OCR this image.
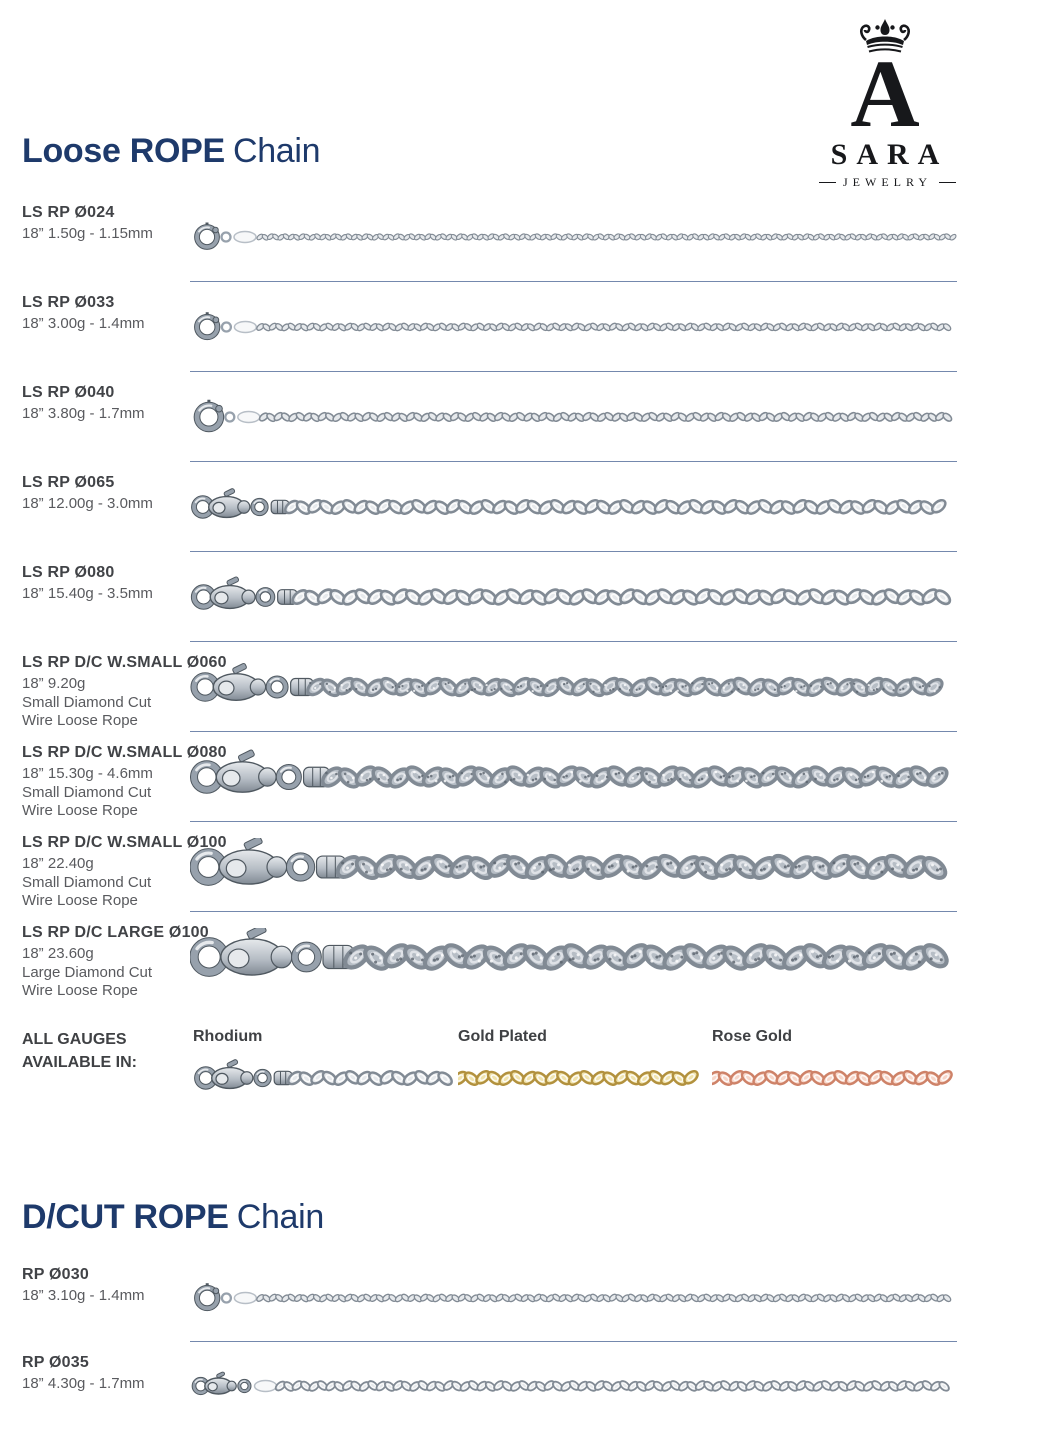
A
SARA
JEWELRY
Loose ROPE Chain
LS RP Ø024
18” 1.50g - 1.15mm
LS RP Ø033
18” 3.00g - 1.4mm
LS RP Ø040
18” 3.80g - 1.7mm
LS RP Ø065
18” 12.00g - 3.0mm
LS RP Ø080
18” 15.40g - 3.5mm
LS RP D/C W.SMALL Ø060
18” 9.20g
Small Diamond Cut
Wire Loose Rope
LS RP D/C W.SMALL Ø080
18” 15.30g - 4.6mm
Small Diamond Cut
Wire Loose Rope
LS RP D/C W.SMALL Ø100
18” 22.40g
Small Diamond Cut
Wire Loose Rope
LS RP D/C LARGE Ø100
18” 23.60g
Large Diamond Cut
Wire Loose Rope
ALL GAUGES
AVAILABLE IN:
Rhodium	Gold Plated	Rose Gold
D/CUT ROPE Chain
RP Ø030
18” 3.10g - 1.4mm
RP Ø035
18” 4.30g - 1.7mm
